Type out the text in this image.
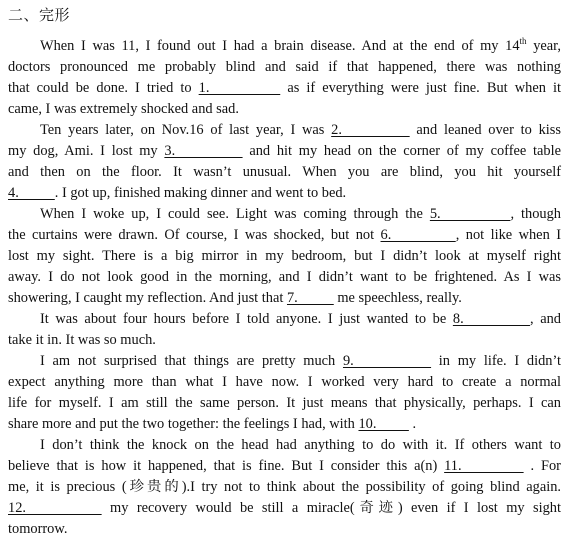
二、完形
When I was 11, I found out I had a brain disease. And at the end of my 14th year,
doctors pronounced me probably blind and said if that happened, there was nothing
that could be done. I tried to 1.           as if everything were just fine. But when it
came, I was extremely shocked and sad.
Ten years later, on Nov.16 of last year, I was 2.           and leaned over to kiss
my dog, Ami. I lost my 3.           and hit my head on the corner of my coffee table
and then on the floor. It wasn’t unusual. When you are blind, you hit yourself
4.          . I got up, finished making dinner and went to bed.
When I woke up, I could see. Light was coming through the 5.          , though
the curtains were drawn. Of course, I was shocked, but not 6.          , not like when I
lost my sight. There is a big mirror in my bedroom, but I didn’t look at myself right
away. I do not look good in the morning, and I didn’t want to be frightened. As I was
showering, I caught my reflection. And just that 7.           me speechless, really.
It was about four hours before I told anyone. I just wanted to be 8.          , and
take it in. It was so much.
I am not surprised that things are pretty much 9.           in my life. I didn’t
expect anything more than what I have now. I worked very hard to create a normal
life for myself. I am still the same person. It just means that physically, perhaps. I can
share more and put the two together: the feelings I had, with 10.          .
I don’t think the knock on the head had anything to do with it. If others want to
believe that is how it happened, that is fine. But I consider this a(n) 11.          . For
me, it is precious (珍贵的).I try not to think about the possibility of going blind again.
12.          my recovery would be still a miracle(奇迹) even if I lost my sight
tomorrow.
